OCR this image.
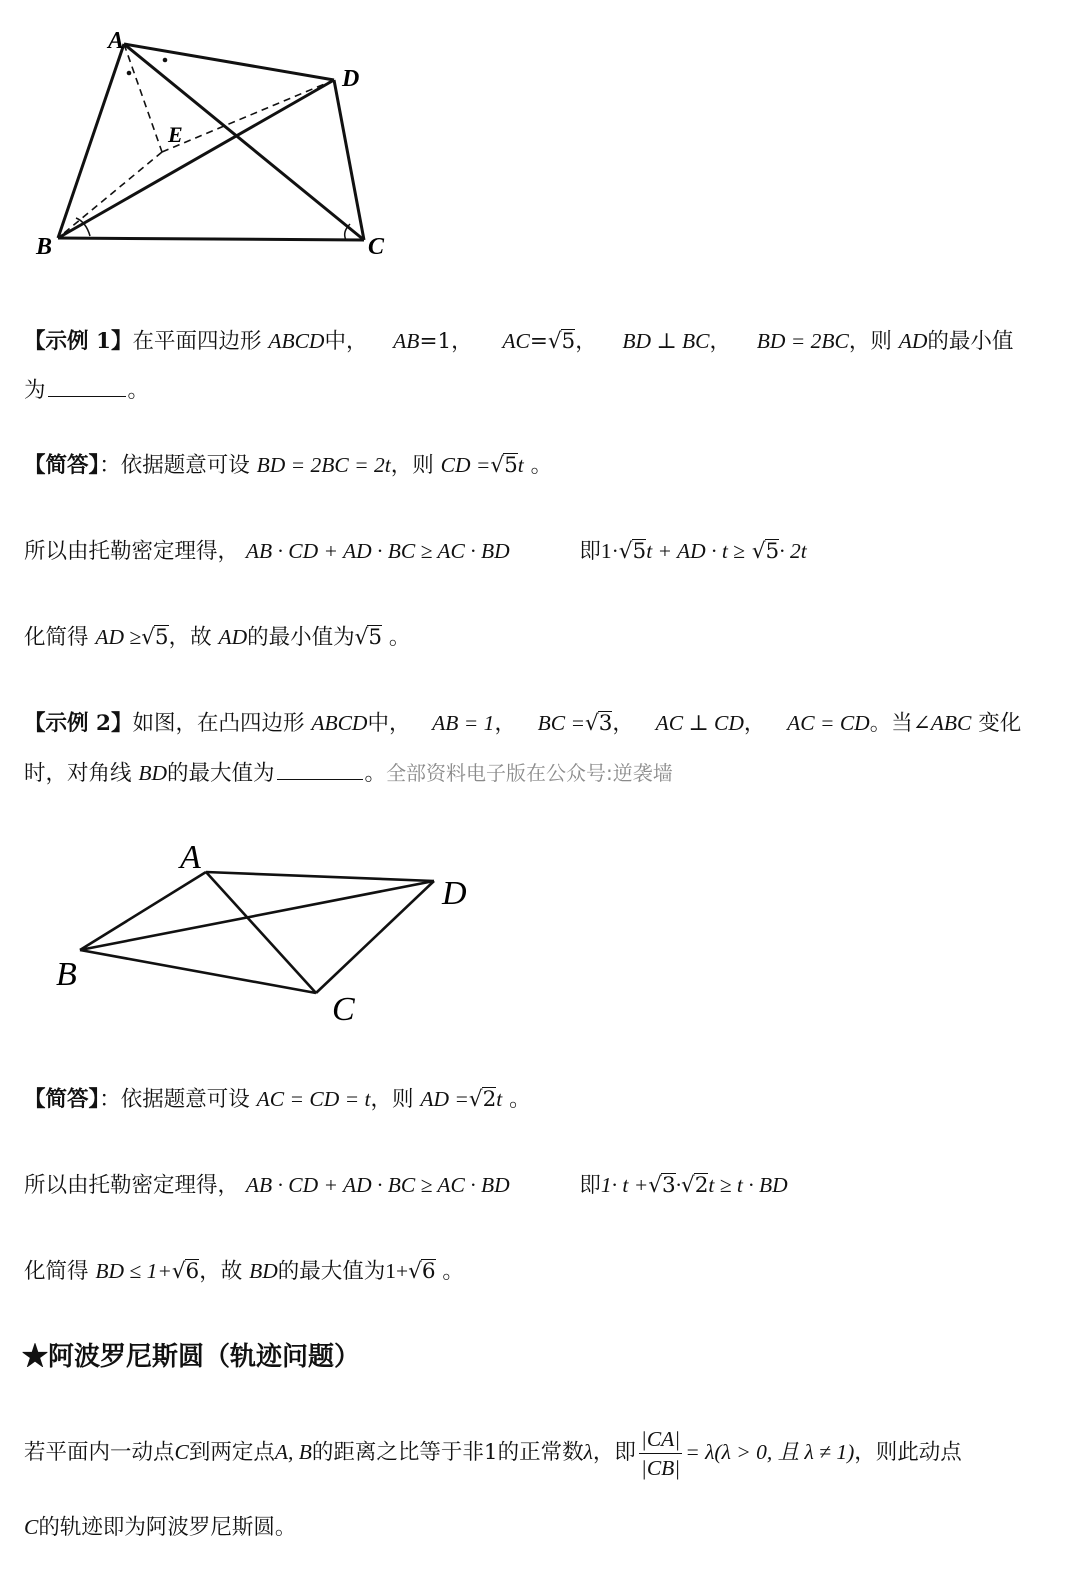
A
B	C
D
E
【示例 1】在平面四边形 ABCD中， AB=1， AC=√5， BD ⊥ BC， BD = 2BC，则 AD的最小值
为	。
【简答】：依据题意可设 BD = 2BC = 2t，则 CD =√5t 。
所以由托勒密定理得， AB · CD + AD · BC ≥ AC · BD	即1·√5t + AD · t ≥ √5· 2t
化简得 AD ≥√5，故 AD的最小值为√5 。
【示例 2】如图，在凸四边形 ABCD中， AB = 1， BC =√3， AC ⊥ CD， AC = CD。当∠ABC 变化
时，对角线 BD的最大值为	。全部资料电子版在公众号:逆袭墙
A
B
C
D
【简答】：依据题意可设 AC = CD = t，则 AD =√2t 。
所以由托勒密定理得， AB · CD + AD · BC ≥ AC · BD	即1· t +√3·√2t ≥ t · BD
化简得 BD ≤ 1+√6，故 BD的最大值为1+√6 。
★阿波罗尼斯圆（轨迹问题）
若平面内一动点C到两定点A, B的距离之比等于非1的正常数λ，即 $\frac{|CA|}{|CB|} = \lambda(\lambda > 0$, 且 λ ≠ 1)，则此动点
C的轨迹即为阿波罗尼斯圆。
